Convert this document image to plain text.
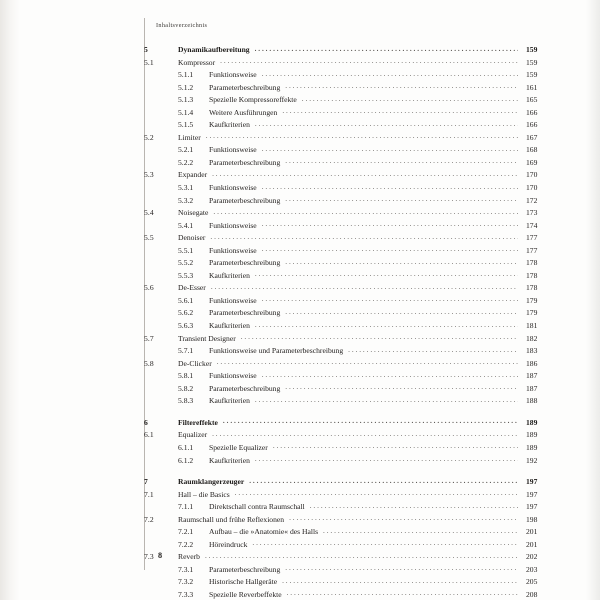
Inhaltsverzeichnis
5	Dynamikaufbereitung .....	159
5.1	Kompressor .....	159
5.1.1	Funktionsweise .....	159
5.1.2	Parameterbeschreibung .....	161
5.1.3	Spezielle Kompressoreffekte .....	165
5.1.4	Weitere Ausführungen .....	166
5.1.5	Kaufkriterien .....	166
5.2	Limiter .....	167
5.2.1	Funktionsweise .....	168
5.2.2	Parameterbeschreibung .....	169
5.3	Expander .....	170
5.3.1	Funktionsweise .....	170
5.3.2	Parameterbeschreibung .....	172
5.4	Noisegate .....	173
5.4.1	Funktionsweise .....	174
5.5	Denoiser .....	177
5.5.1	Funktionsweise .....	177
5.5.2	Parameterbeschreibung .....	178
5.5.3	Kaufkriterien .....	178
5.6	De-Esser .....	178
5.6.1	Funktionsweise .....	179
5.6.2	Parameterbeschreibung .....	179
5.6.3	Kaufkriterien .....	181
5.7	Transient Designer .....	182
5.7.1	Funktionsweise und Parameterbeschreibung .....	183
5.8	De-Clicker .....	186
5.8.1	Funktionsweise .....	187
5.8.2	Parameterbeschreibung .....	187
5.8.3	Kaufkriterien .....	188
6	Filtereffekte .....	189
6.1	Equalizer .....	189
6.1.1	Spezielle Equalizer .....	189
6.1.2	Kaufkriterien .....	192
7	Raumklangerzeuger .....	197
7.1	Hall – die Basics .....	197
7.1.1	Direktschall contra Raumschall .....	197
7.2	Raumschall und frühe Reflexionen .....	198
7.2.1	Aufbau – die »Anatomie« des Halls .....	201
7.2.2	Höreindruck .....	201
7.3	Reverb .....	202
7.3.1	Parameterbeschreibung .....	203
7.3.2	Historische Hallgeräte .....	205
7.3.3	Spezielle Reverbeffekte .....	208
8
